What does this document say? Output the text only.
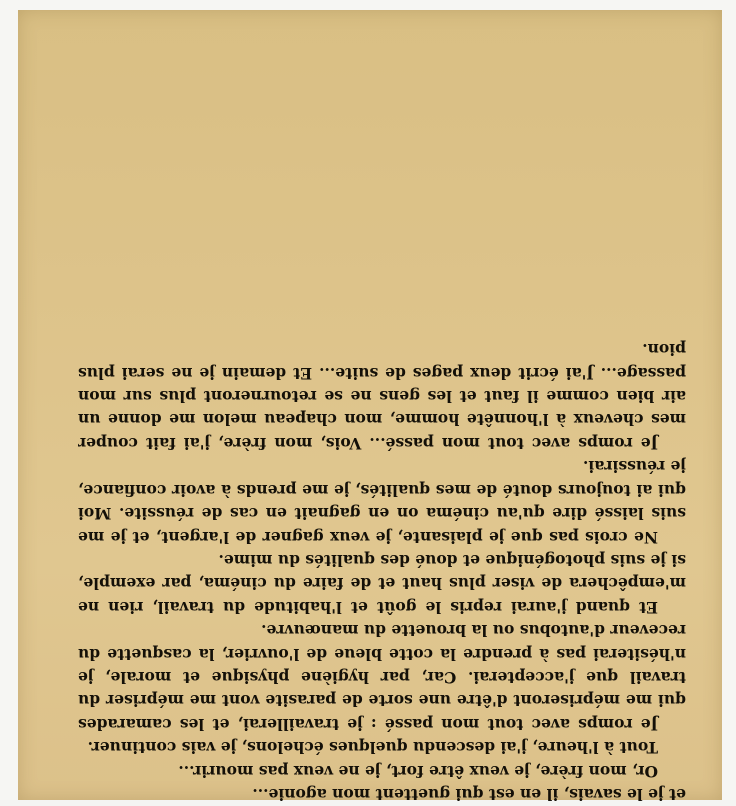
et je le savais, il en est qui guettent mon agonie...

Or, mon frère, je veux être fort, je ne veux pas mourir...

Tout à l'heure, j'ai descendu quelques échelons, je vais continuer.

Je romps avec tout mon passé : je travaillerai, et les camarades qui me mépriseront d'être une sorte de parasite vont me mépriser du travail que j'accepterai. Car, par hygiène physique et morale, je n'hésiterai pas à prendre la cotte bleue de l'ouvrier, la casquette du receveur d'autobus ou la brouette du manœuvre.

Et quand j'aurai repris le goût et l'habitude du travail, rien ne m'empêchera de viser plus haut et de faire du cinéma, par exemple, si je suis photogénique et doué des qualités du mime.

Ne crois pas que je plaisante, je veux gagner de l'argent, et je me suis laissé dire qu'au cinéma on en gagnait en cas de réussite. Moi qui ai toujours douté de mes qualités, je me prends à avoir confiance, je réussirai.

Je romps avec tout mon passé... Vois, mon frère, j'ai fait couper mes cheveux à l'honnête homme, mon chapeau melon me donne un air bien comme il faut et les gens ne se retourneront plus sur mon passage... J'ai écrit deux pages de suite... Et demain je ne serai plus pion.
